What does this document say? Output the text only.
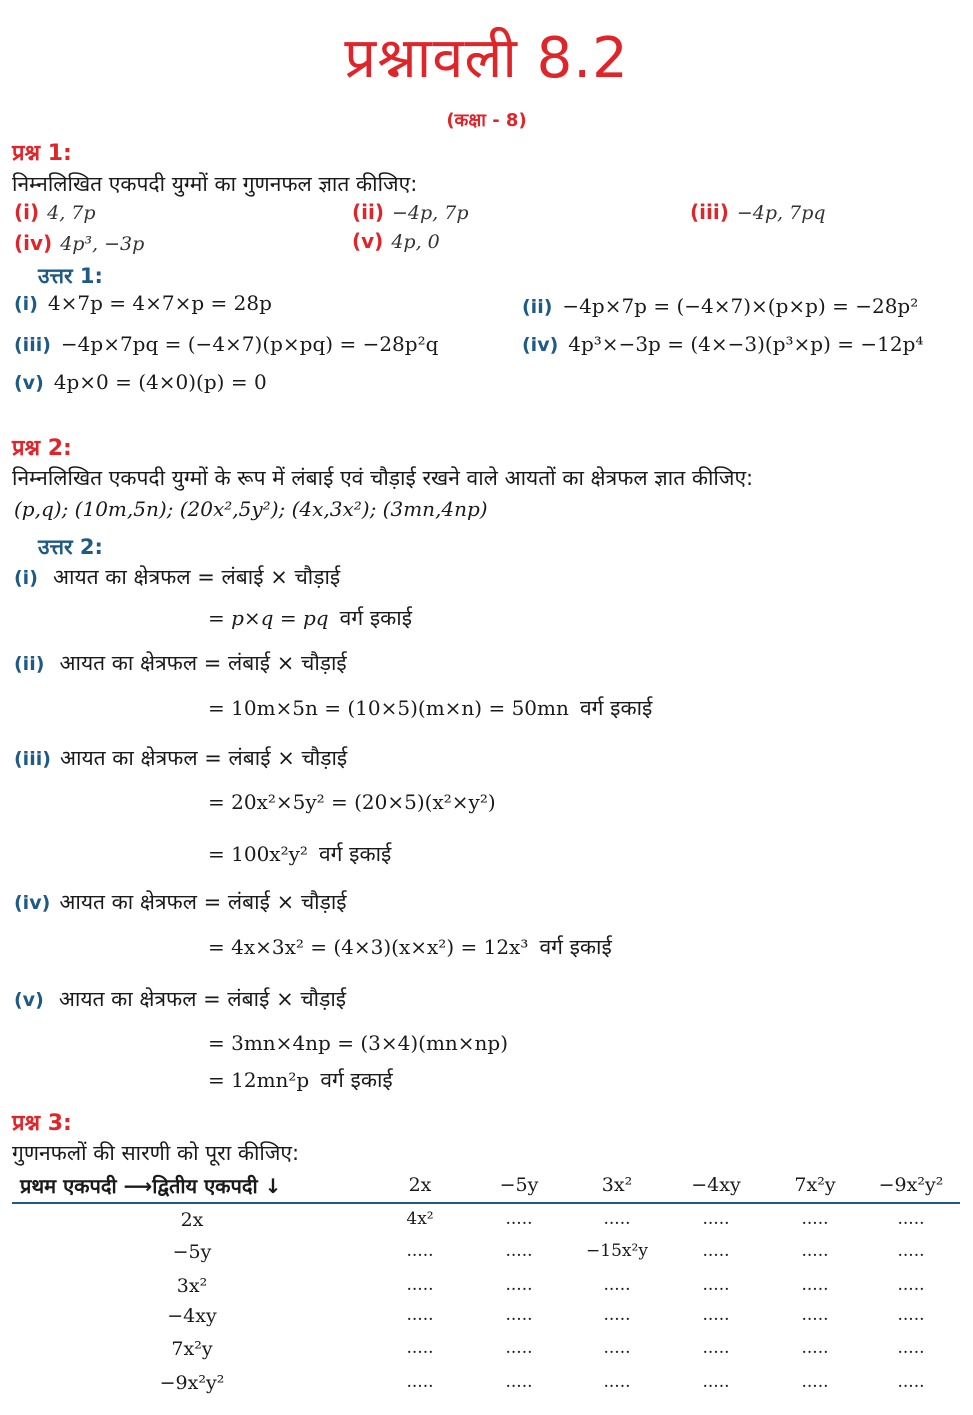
प्रश्नावली 8.2
(कक्षा - 8)
प्रश्न 1:
निम्नलिखित एकपदी युग्मों का गुणनफल ज्ञात कीजिए:
(i) 4, 7p	(ii) −4p, 7p	(iii) −4p, 7pq
(iv) 4p³, −3p	(v) 4p, 0
उत्तर 1:
(i) 4×7p = 4×7×p = 28p	(ii) −4p×7p = (−4×7)×(p×p) = −28p²
(iii) −4p×7pq = (−4×7)(p×pq) = −28p²q	(iv) 4p³×−3p = (4×−3)(p³×p) = −12p⁴
(v) 4p×0 = (4×0)(p) = 0
प्रश्न 2:
निम्नलिखित एकपदी युग्मों के रूप में लंबाई एवं चौड़ाई रखने वाले आयतों का क्षेत्रफल ज्ञात कीजिए:
(p,q); (10m,5n); (20x²,5y²); (4x,3x²); (3mn,4np)
उत्तर 2:
(i) आयत का क्षेत्रफल = लंबाई × चौड़ाई
= p×q = pq वर्ग इकाई
(ii) आयत का क्षेत्रफल = लंबाई × चौड़ाई
= 10m×5n = (10×5)(m×n) = 50mn वर्ग इकाई
(iii) आयत का क्षेत्रफल = लंबाई × चौड़ाई
= 20x²×5y² = (20×5)(x²×y²)
= 100x²y² वर्ग इकाई
(iv) आयत का क्षेत्रफल = लंबाई × चौड़ाई
= 4x×3x² = (4×3)(x×x²) = 12x³ वर्ग इकाई
(v) आयत का क्षेत्रफल = लंबाई × चौड़ाई
= 3mn×4np = (3×4)(mn×np)
= 12mn²p वर्ग इकाई
प्रश्न 3:
गुणनफलों की सारणी को पूरा कीजिए:
प्रथम एकपदी ⟶द्वितीय एकपदी ↓	2x	−5y	3x²	−4xy	7x²y	−9x²y²
2x	4x²	.....	.....	.....	.....	.....
−5y	.....	.....	−15x²y	.....	.....	.....
3x²	.....	.....	.....	.....	.....	.....
−4xy	.....	.....	.....	.....	.....	.....
7x²y	.....	.....	.....	.....	.....	.....
−9x²y²	.....	.....	.....	.....	.....	.....
